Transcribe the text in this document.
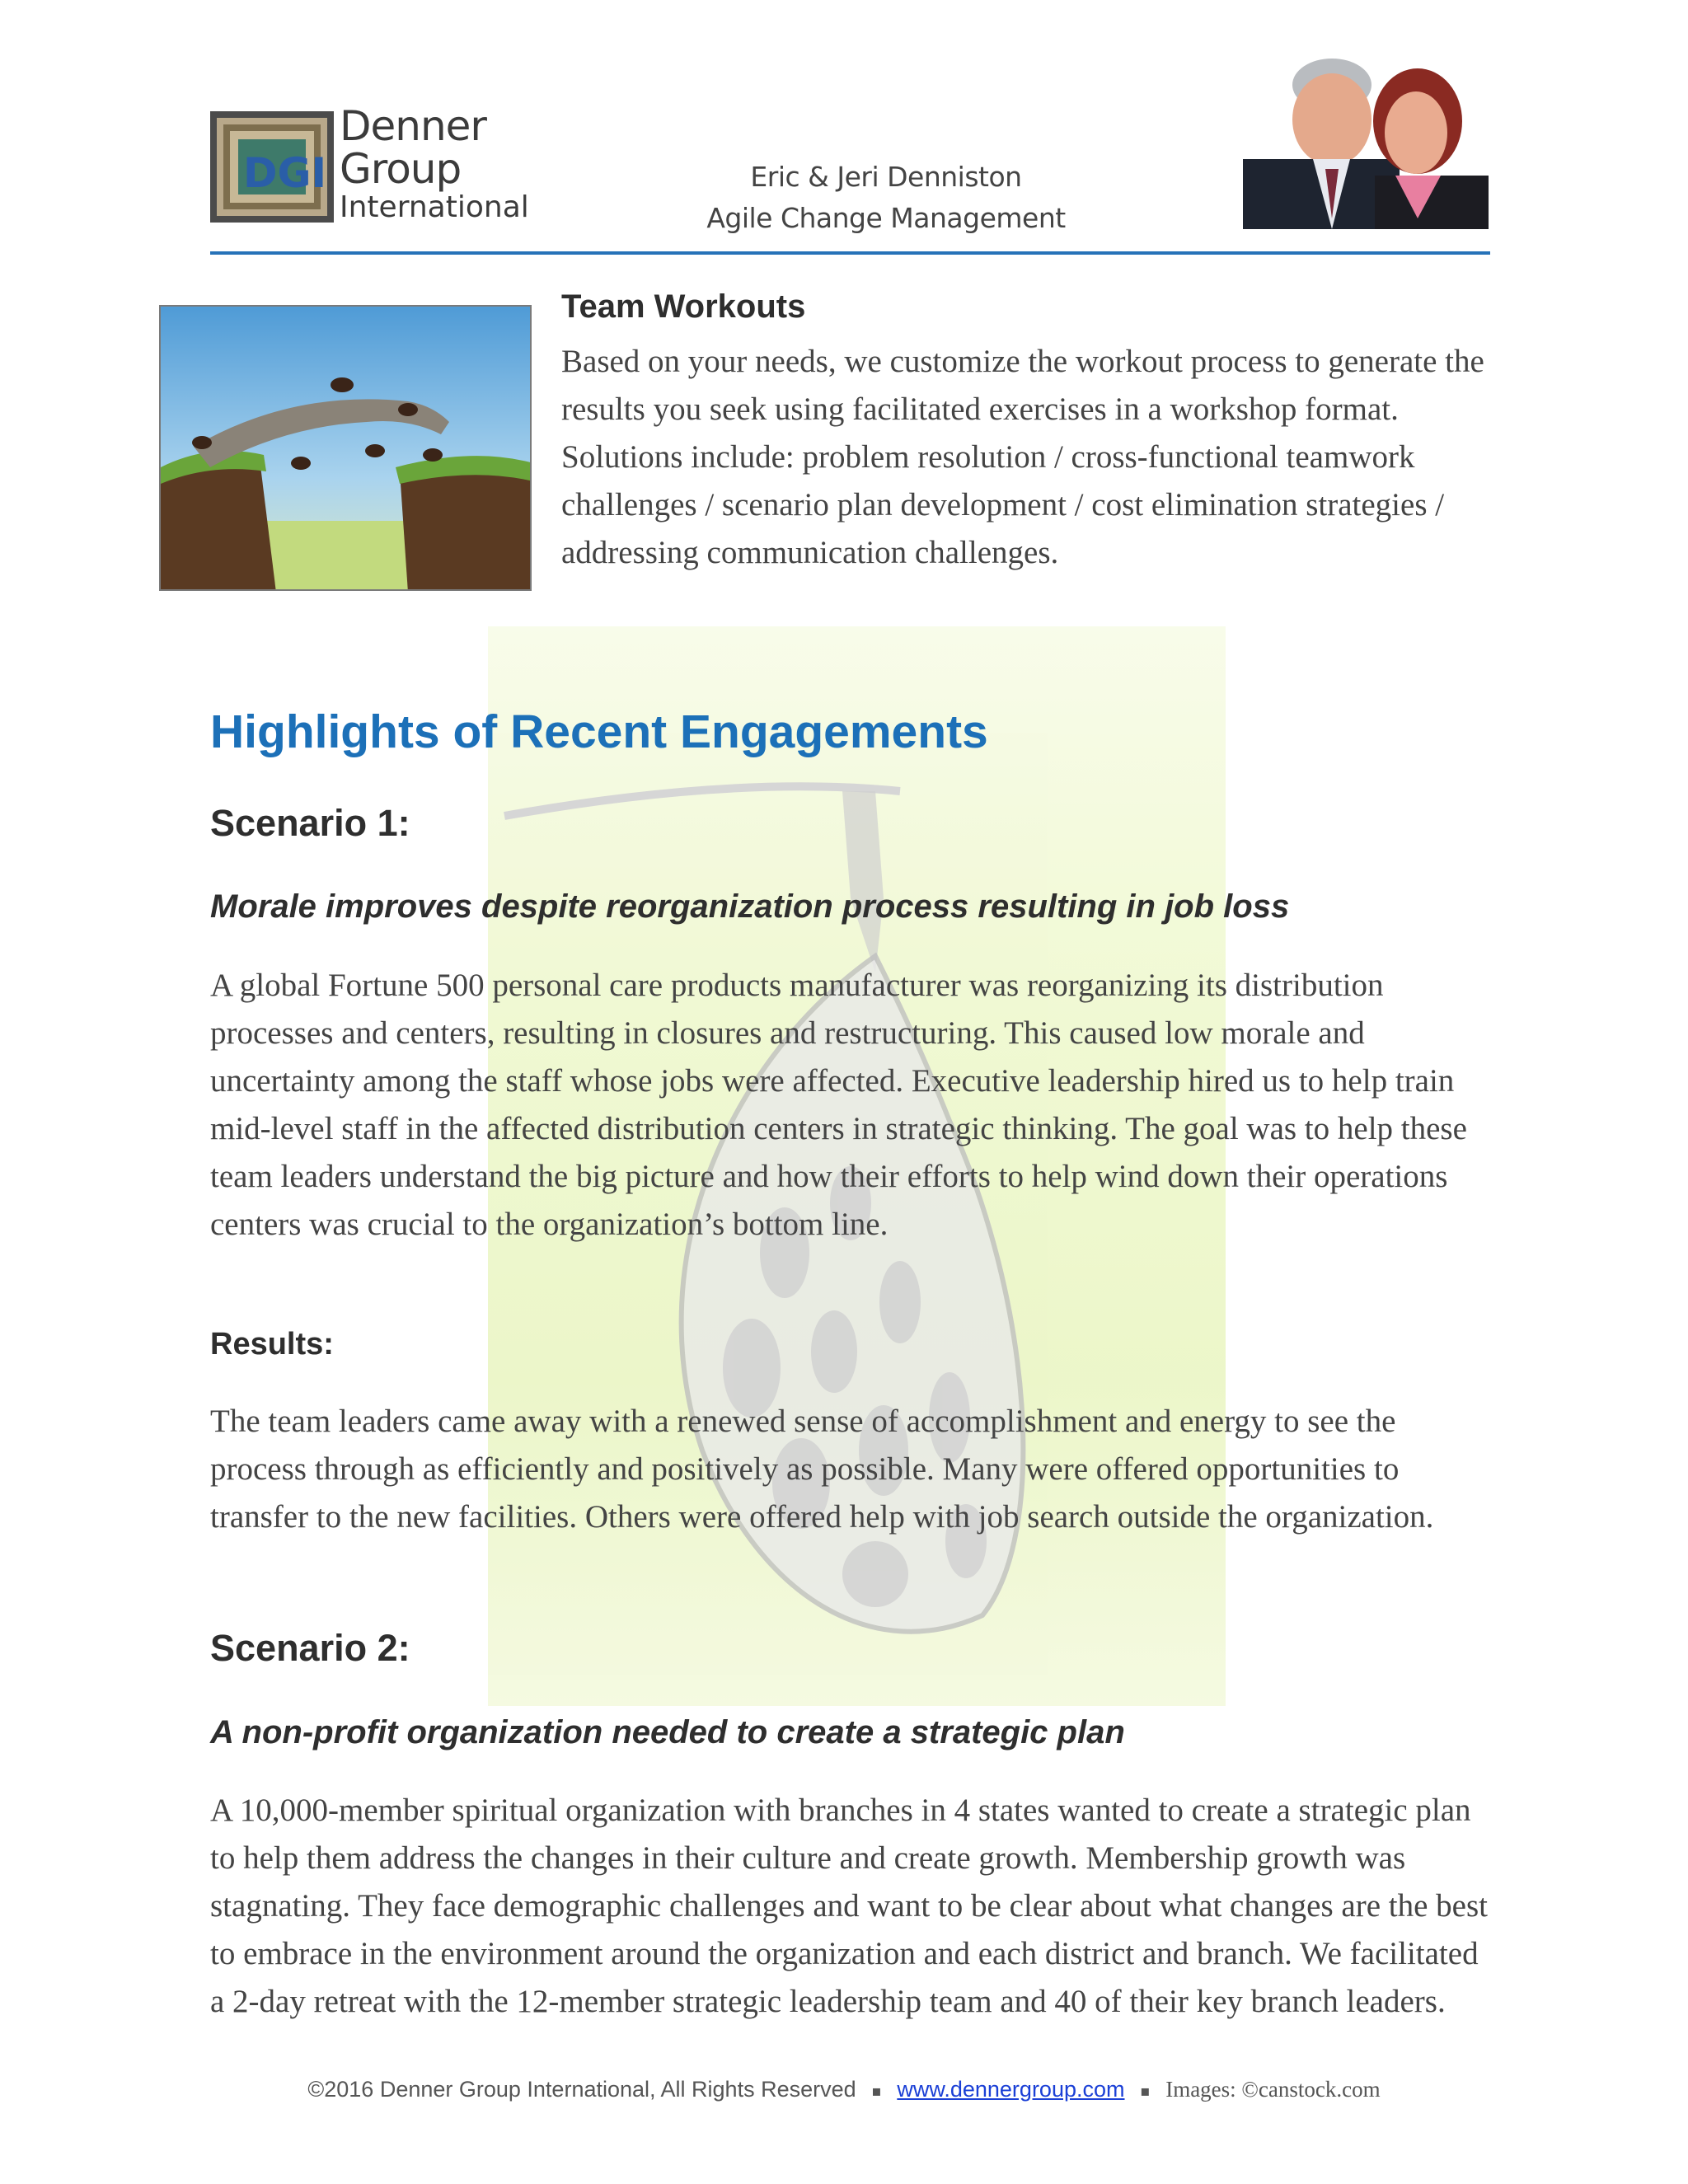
DGI
Denner
Group
International
Eric & Jeri Denniston
Agile Change Management
Team Workouts
Based on your needs, we customize the workout process to generate the results you seek using facilitated exercises in a workshop format. Solutions include: problem resolution / cross-functional teamwork challenges / scenario plan development / cost elimination strategies / addressing communication challenges.
Highlights of Recent Engagements
Scenario 1:
Morale improves despite reorganization process resulting in job loss
A global Fortune 500 personal care products manufacturer was reorganizing its distribution processes and centers, resulting in closures and restructuring. This caused low morale and uncertainty among the staff whose jobs were affected. Executive leadership hired us to help train mid-level staff in the affected distribution centers in strategic thinking. The goal was to help these team leaders understand the big picture and how their efforts to help wind down their operations centers was crucial to the organization’s bottom line.
Results:
The team leaders came away with a renewed sense of accomplishment and energy to see the process through as efficiently and positively as possible. Many were offered opportunities to transfer to the new facilities. Others were offered help with job search outside the organization.
Scenario 2:
A non-profit organization needed to create a strategic plan
A 10,000-member spiritual organization with branches in 4 states wanted to create a strategic plan to help them address the changes in their culture and create growth. Membership growth was stagnating. They face demographic challenges and want to be clear about what changes are the best to embrace in the environment around the organization and each district and branch. We facilitated a 2-day retreat with the 12-member strategic leadership team and 40 of their key branch leaders.
©2016 Denner Group International, All Rights Reserved ▪ www.dennergroup.com ▪ Images: ©canstock.com
